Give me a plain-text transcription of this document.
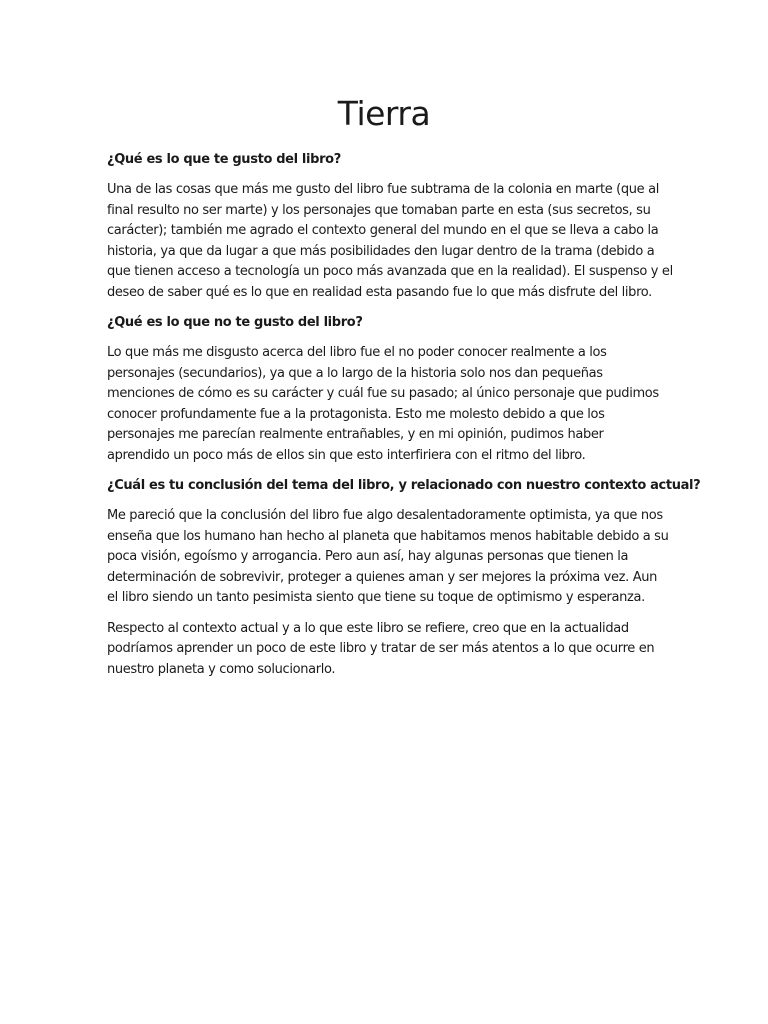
Tierra
¿Qué es lo que te gusto del libro?
Una de las cosas que más me gusto del libro fue subtrama de la colonia en marte (que al
final resulto no ser marte) y los personajes que tomaban parte en esta (sus secretos, su
carácter); también me agrado el contexto general del mundo en el que se lleva a cabo la
historia, ya que da lugar a que más posibilidades den lugar dentro de la trama (debido a
que tienen acceso a tecnología un poco más avanzada que en la realidad). El suspenso y el
deseo de saber qué es lo que en realidad esta pasando fue lo que más disfrute del libro.
¿Qué es lo que no te gusto del libro?
Lo que más me disgusto acerca del libro fue el no poder conocer realmente a los
personajes (secundarios), ya que a lo largo de la historia solo nos dan pequeñas
menciones de cómo es su carácter y cuál fue su pasado; al único personaje que pudimos
conocer profundamente fue a la protagonista. Esto me molesto debido a que los
personajes me parecían realmente entrañables, y en mi opinión, pudimos haber
aprendido un poco más de ellos sin que esto interfiriera con el ritmo del libro.
¿Cuál es tu conclusión del tema del libro, y relacionado con nuestro contexto actual?
Me pareció que la conclusión del libro fue algo desalentadoramente optimista, ya que nos
enseña que los humano han hecho al planeta que habitamos menos habitable debido a su
poca visión, egoísmo y arrogancia. Pero aun así, hay algunas personas que tienen la
determinación de sobrevivir, proteger a quienes aman y ser mejores la próxima vez. Aun
el libro siendo un tanto pesimista siento que tiene su toque de optimismo y esperanza.
Respecto al contexto actual y a lo que este libro se refiere, creo que en la actualidad
podríamos aprender un poco de este libro y tratar de ser más atentos a lo que ocurre en
nuestro planeta y como solucionarlo.
